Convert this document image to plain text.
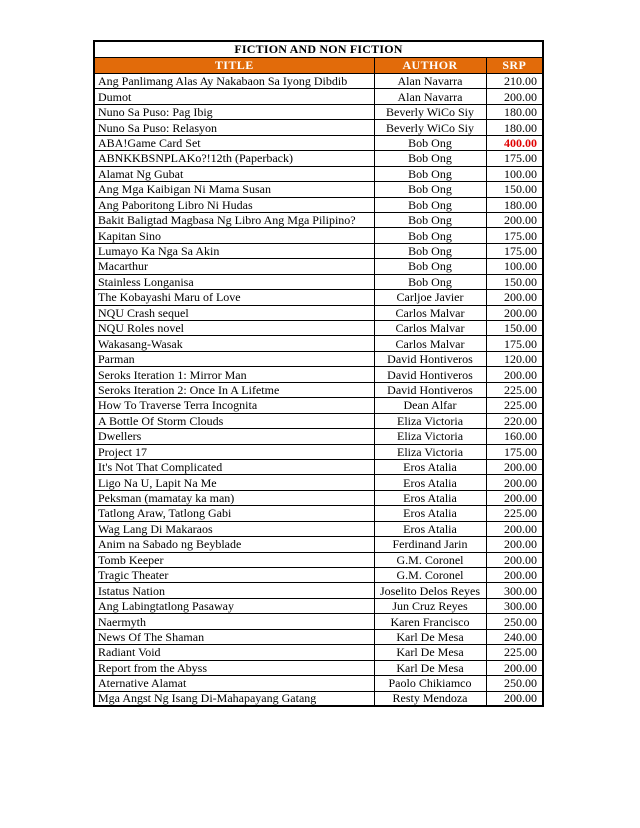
FICTION AND NON FICTION		
TITLE	AUTHOR	SRP
Ang Panlimang Alas Ay Nakabaon Sa Iyong Dibdib	Alan Navarra	210.00
Dumot	Alan Navarra	200.00
Nuno Sa Puso: Pag Ibig	Beverly WiCo Siy	180.00
Nuno Sa Puso: Relasyon	Beverly WiCo Siy	180.00
ABA!Game Card Set	Bob Ong	400.00
ABNKKBSNPLAKo?!12th (Paperback)	Bob Ong	175.00
Alamat Ng Gubat	Bob Ong	100.00
Ang Mga Kaibigan Ni Mama Susan	Bob Ong	150.00
Ang Paboritong Libro Ni Hudas	Bob Ong	180.00
Bakit Baligtad Magbasa Ng Libro Ang Mga Pilipino?	Bob Ong	200.00
Kapitan Sino	Bob Ong	175.00
Lumayo Ka Nga Sa Akin	Bob Ong	175.00
Macarthur	Bob Ong	100.00
Stainless Longanisa	Bob Ong	150.00
The Kobayashi Maru of Love	Carljoe Javier	200.00
NQU Crash sequel	Carlos Malvar	200.00
NQU Roles novel	Carlos Malvar	150.00
Wakasang-Wasak	Carlos Malvar	175.00
Parman	David Hontiveros	120.00
Seroks Iteration 1: Mirror Man	David Hontiveros	200.00
Seroks Iteration 2: Once In A Lifetme	David Hontiveros	225.00
How To Traverse Terra Incognita	Dean Alfar	225.00
A Bottle Of Storm Clouds	Eliza Victoria	220.00
Dwellers	Eliza Victoria	160.00
Project 17	Eliza Victoria	175.00
It's Not That Complicated	Eros Atalia	200.00
Ligo Na U, Lapit Na Me	Eros Atalia	200.00
Peksman (mamatay ka man)	Eros Atalia	200.00
Tatlong Araw, Tatlong Gabi	Eros Atalia	225.00
Wag Lang Di Makaraos	Eros Atalia	200.00
Anim na Sabado ng Beyblade	Ferdinand Jarin	200.00
Tomb Keeper	G.M. Coronel	200.00
Tragic Theater	G.M. Coronel	200.00
Istatus Nation	Joselito Delos Reyes	300.00
Ang Labingtatlong Pasaway	Jun Cruz Reyes	300.00
Naermyth	Karen Francisco	250.00
News Of The Shaman	Karl De Mesa	240.00
Radiant Void	Karl De Mesa	225.00
Report from the Abyss	Karl De Mesa	200.00
Aternative Alamat	Paolo Chikiamco	250.00
Mga Angst Ng Isang Di-Mahapayang Gatang	Resty Mendoza	200.00
